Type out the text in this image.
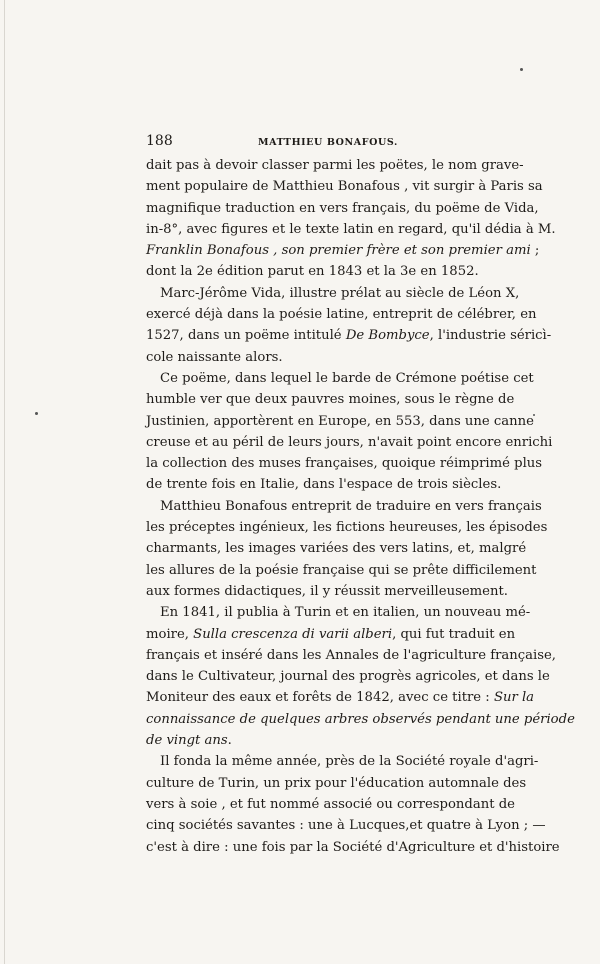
188	MATTHIEU BONAFOUS.
dait pas à devoir classer parmi les poëtes, le nom grave-
ment populaire de Matthieu Bonafous , vit surgir à Paris sa
magnifique traduction en vers français, du poëme de Vida,
in-8°, avec figures et le texte latin en regard, qu'il dédia à M.
Franklin Bonafous , son premier frère et son premier ami ;
dont la 2e édition parut en 1843 et la 3e en 1852.
Marc-Jérôme Vida, illustre prélat au siècle de Léon X,
exercé déjà dans la poésie latine, entreprit de célébrer, en
1527, dans un poëme intitulé De Bombyce, l'industrie séricì-
cole naissante alors.
Ce poëme, dans lequel le barde de Crémone poétise cet
humble ver que deux pauvres moines, sous le règne de
Justinien, apportèrent en Europe, en 553, dans une canne
creuse et au péril de leurs jours, n'avait point encore enrichi
la collection des muses françaises, quoique réimprimé plus
de trente fois en Italie, dans l'espace de trois siècles.
Matthieu Bonafous entreprit de traduire en vers français
les préceptes ingénieux, les fictions heureuses, les épisodes
charmants, les images variées des vers latins, et, malgré
les allures de la poésie française qui se prête difficilement
aux formes didactiques, il y réussit merveilleusement.
En 1841, il publia à Turin et en italien, un nouveau mé-
moire, Sulla crescenza di varii alberi, qui fut traduit en
français et inséré dans les Annales de l'agriculture française,
dans le Cultivateur, journal des progrès agricoles, et dans le
Moniteur des eaux et forêts de 1842, avec ce titre : Sur la
connaissance de quelques arbres observés pendant une période
de vingt ans.
Il fonda la même année, près de la Société royale d'agri-
culture de Turin, un prix pour l'éducation automnale des
vers à soie , et fut nommé associé ou correspondant de
cinq sociétés savantes : une à Lucques,et quatre à Lyon ; —
c'est à dire : une fois par la Société d'Agriculture et d'histoire
